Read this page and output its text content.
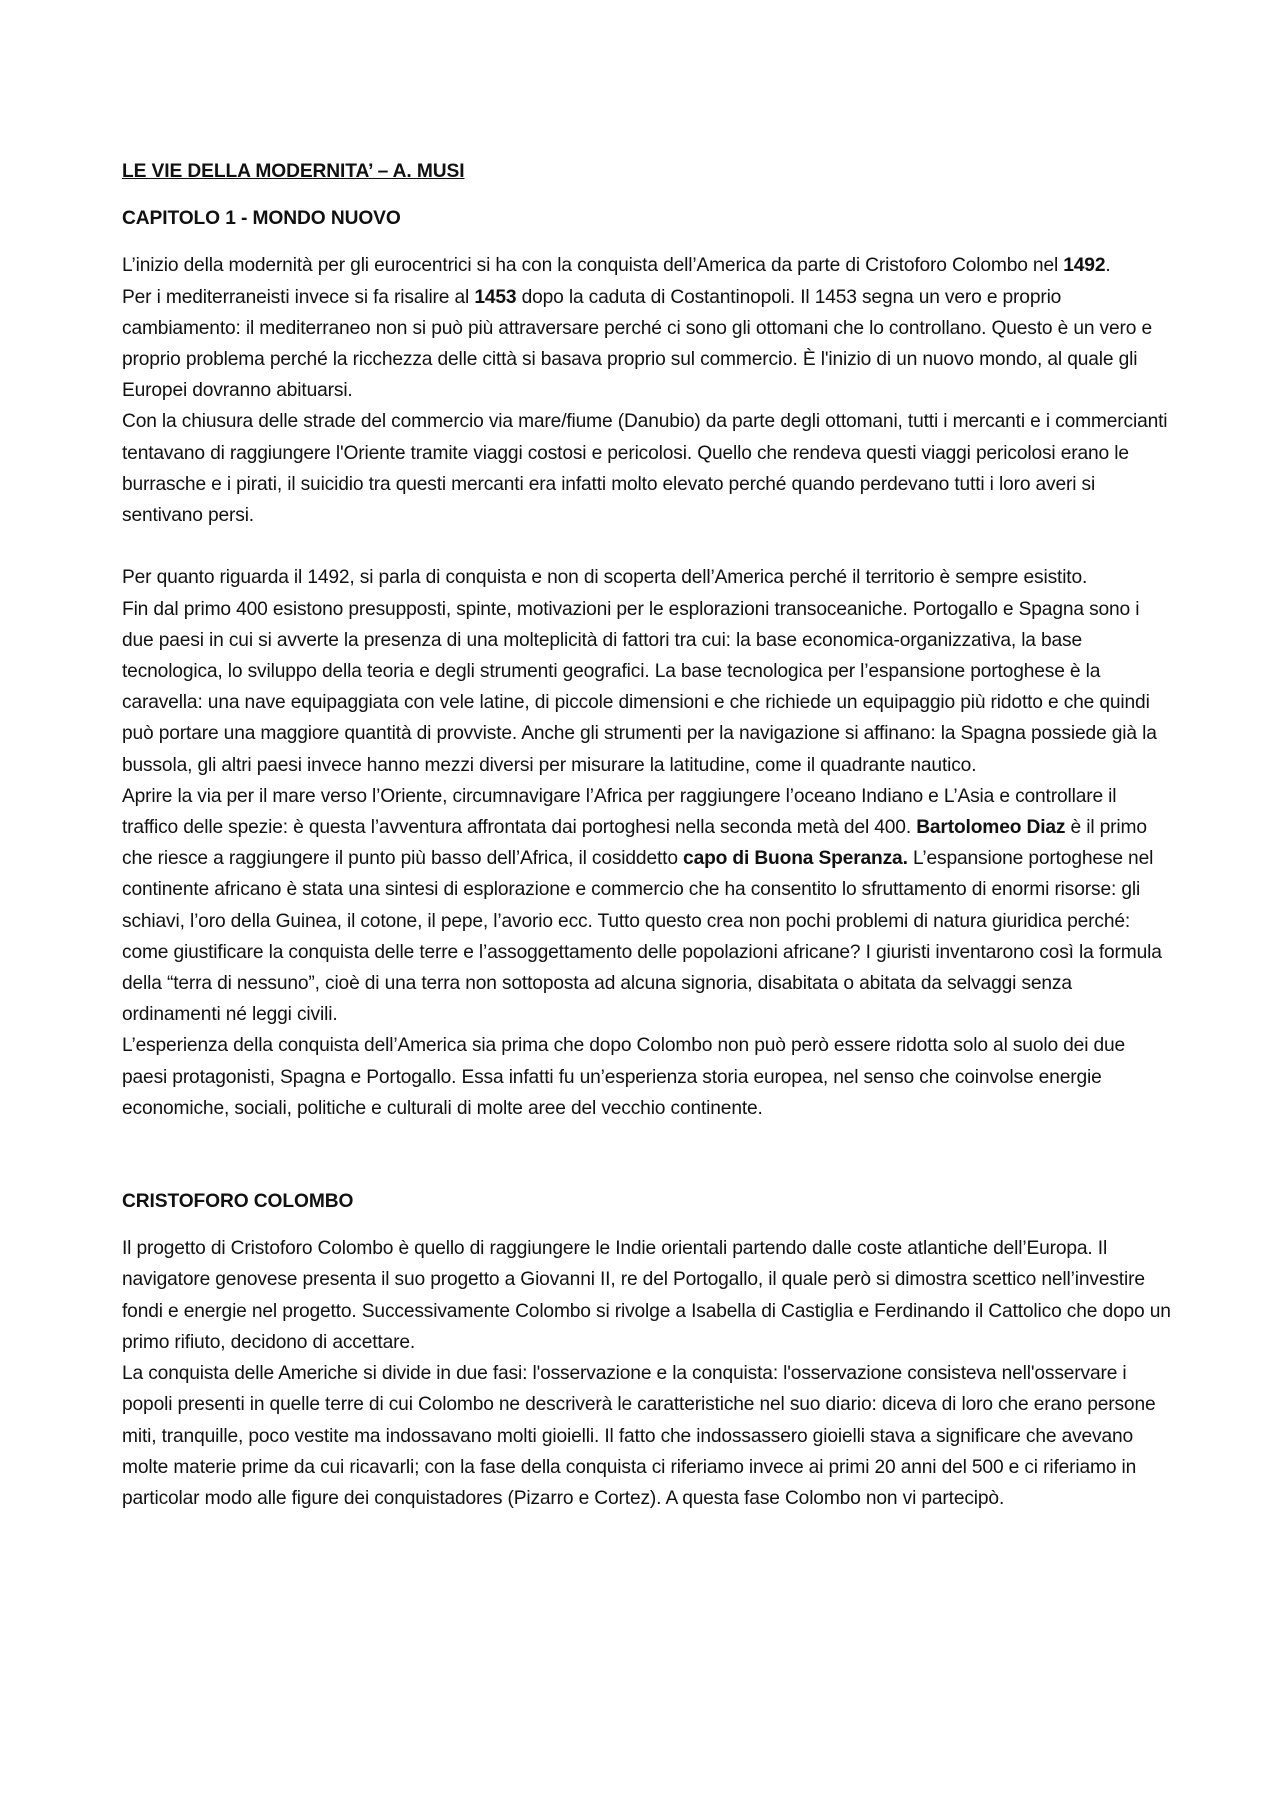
LE VIE DELLA MODERNITA’ – A. MUSI
CAPITOLO 1 - MONDO NUOVO

L’inizio della modernità per gli eurocentrici si ha con la conquista dell’America da parte di Cristoforo Colombo nel 1492.

Per i mediterraneisti invece si fa risalire al 1453 dopo la caduta di Costantinopoli. Il 1453 segna un vero e proprio cambiamento: il mediterraneo non si può più attraversare perché ci sono gli ottomani che lo controllano. Questo è un vero e proprio problema perché la ricchezza delle città si basava proprio sul commercio. È l'inizio di un nuovo mondo, al quale gli Europei dovranno abituarsi.

Con la chiusura delle strade del commercio via mare/fiume (Danubio) da parte degli ottomani, tutti i mercanti e i commercianti tentavano di raggiungere l'Oriente tramite viaggi costosi e pericolosi. Quello che rendeva questi viaggi pericolosi erano le burrasche e i pirati, il suicidio tra questi mercanti era infatti molto elevato perché quando perdevano tutti i loro averi si sentivano persi.

Per quanto riguarda il 1492, si parla di conquista e non di scoperta dell’America perché il territorio è sempre esistito.

Fin dal primo 400 esistono presupposti, spinte, motivazioni per le esplorazioni transoceaniche. Portogallo e Spagna sono i due paesi in cui si avverte la presenza di una molteplicità di fattori tra cui: la base economica-organizzativa, la base tecnologica, lo sviluppo della teoria e degli strumenti geografici. La base tecnologica per l’espansione portoghese è la caravella: una nave equipaggiata con vele latine, di piccole dimensioni e che richiede un equipaggio più ridotto e che quindi può portare una maggiore quantità di provviste. Anche gli strumenti per la navigazione si affinano: la Spagna possiede già la bussola, gli altri paesi invece hanno mezzi diversi per misurare la latitudine, come il quadrante nautico.

Aprire la via per il mare verso l’Oriente, circumnavigare l’Africa per raggiungere l’oceano Indiano e L’Asia e controllare il traffico delle spezie: è questa l’avventura affrontata dai portoghesi nella seconda metà del 400. Bartolomeo Diaz è il primo che riesce a raggiungere il punto più basso dell’Africa, il cosiddetto capo di Buona Speranza. L’espansione portoghese nel continente africano è stata una sintesi di esplorazione e commercio che ha consentito lo sfruttamento di enormi risorse: gli schiavi, l’oro della Guinea, il cotone, il pepe, l’avorio ecc. Tutto questo crea non pochi problemi di natura giuridica perché: come giustificare la conquista delle terre e l’assoggettamento delle popolazioni africane? I giuristi inventarono così la formula della “terra di nessuno”, cioè di una terra non sottoposta ad alcuna signoria, disabitata o abitata da selvaggi senza ordinamenti né leggi civili.

L’esperienza della conquista dell’America sia prima che dopo Colombo non può però essere ridotta solo al suolo dei due paesi protagonisti, Spagna e Portogallo. Essa infatti fu un’esperienza storia europea, nel senso che coinvolse energie economiche, sociali, politiche e culturali di molte aree del vecchio continente.

CRISTOFORO COLOMBO

Il progetto di Cristoforo Colombo è quello di raggiungere le Indie orientali partendo dalle coste atlantiche dell’Europa. Il navigatore genovese presenta il suo progetto a Giovanni II, re del Portogallo, il quale però si dimostra scettico nell’investire fondi e energie nel progetto. Successivamente Colombo si rivolge a Isabella di Castiglia e Ferdinando il Cattolico che dopo un primo rifiuto, decidono di accettare.

La conquista delle Americhe si divide in due fasi: l'osservazione e la conquista: l'osservazione consisteva nell'osservare i popoli presenti in quelle terre di cui Colombo ne descriverà le caratteristiche nel suo diario: diceva di loro che erano persone miti, tranquille, poco vestite ma indossavano molti gioielli. Il fatto che indossassero gioielli stava a significare che avevano molte materie prime da cui ricavarli; con la fase della conquista ci riferiamo invece ai primi 20 anni del 500 e ci riferiamo in particolar modo alle figure dei conquistadores (Pizarro e Cortez). A questa fase Colombo non vi partecipò.
